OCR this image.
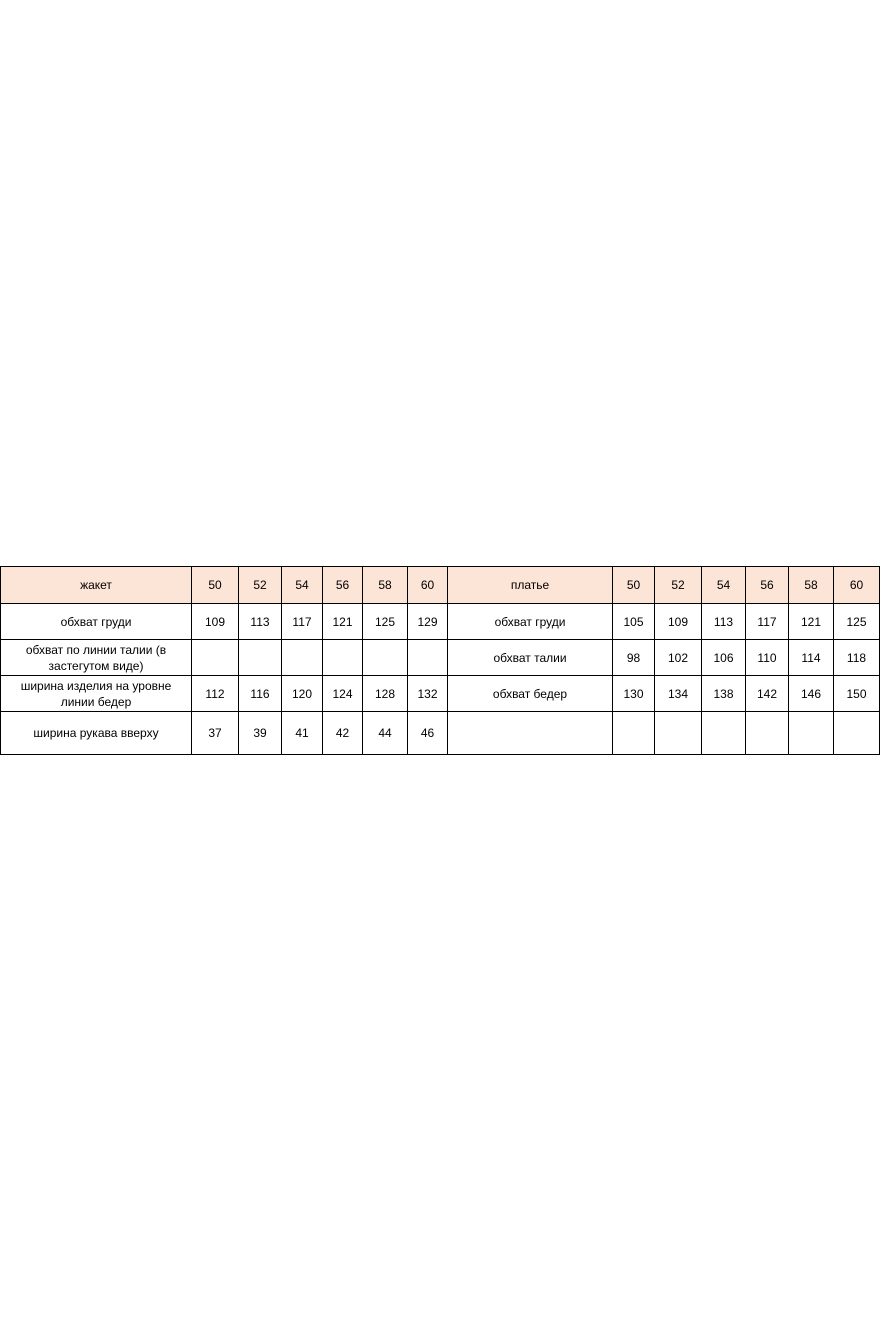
жакет	50	52	54	56	58	60	платье	50	52	54	56	58	60
обхват груди	109	113	117	121	125	129	обхват груди	105	109	113	117	121	125
обхват по линии талии (в застегутом виде)							обхват талии	98	102	106	110	114	118
ширина изделия на уровне линии бедер	112	116	120	124	128	132	обхват бедер	130	134	138	142	146	150
ширина рукава вверху	37	39	41	42	44	46							
